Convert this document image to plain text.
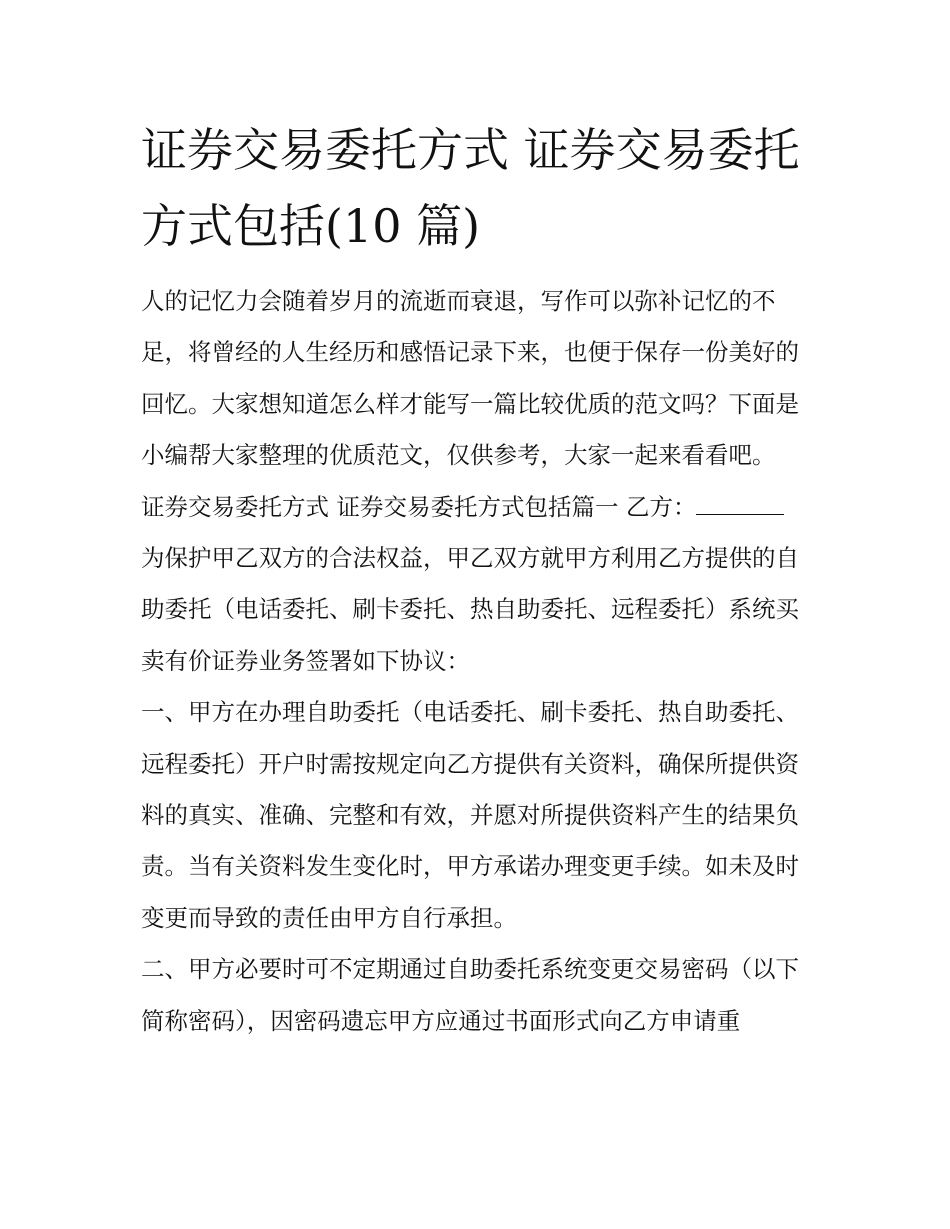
证券交易委托方式 证券交易委托方式包括(10 篇)

人的记忆力会随着岁月的流逝而衰退，写作可以弥补记忆的不足，将曾经的人生经历和感悟记录下来，也便于保存一份美好的回忆。大家想知道怎么样才能写一篇比较优质的范文吗？下面是小编帮大家整理的优质范文，仅供参考，大家一起来看看吧。

证券交易委托方式 证券交易委托方式包括篇一 乙方：

为保护甲乙双方的合法权益，甲乙双方就甲方利用乙方提供的自助委托（电话委托、刷卡委托、热自助委托、远程委托）系统买卖有价证券业务签署如下协议：

一、甲方在办理自助委托（电话委托、刷卡委托、热自助委托、远程委托）开户时需按规定向乙方提供有关资料，确保所提供资料的真实、准确、完整和有效，并愿对所提供资料产生的结果负责。当有关资料发生变化时，甲方承诺办理变更手续。如未及时变更而导致的责任由甲方自行承担。

二、甲方必要时可不定期通过自助委托系统变更交易密码（以下简称密码），因密码遗忘甲方应通过书面形式向乙方申请重
